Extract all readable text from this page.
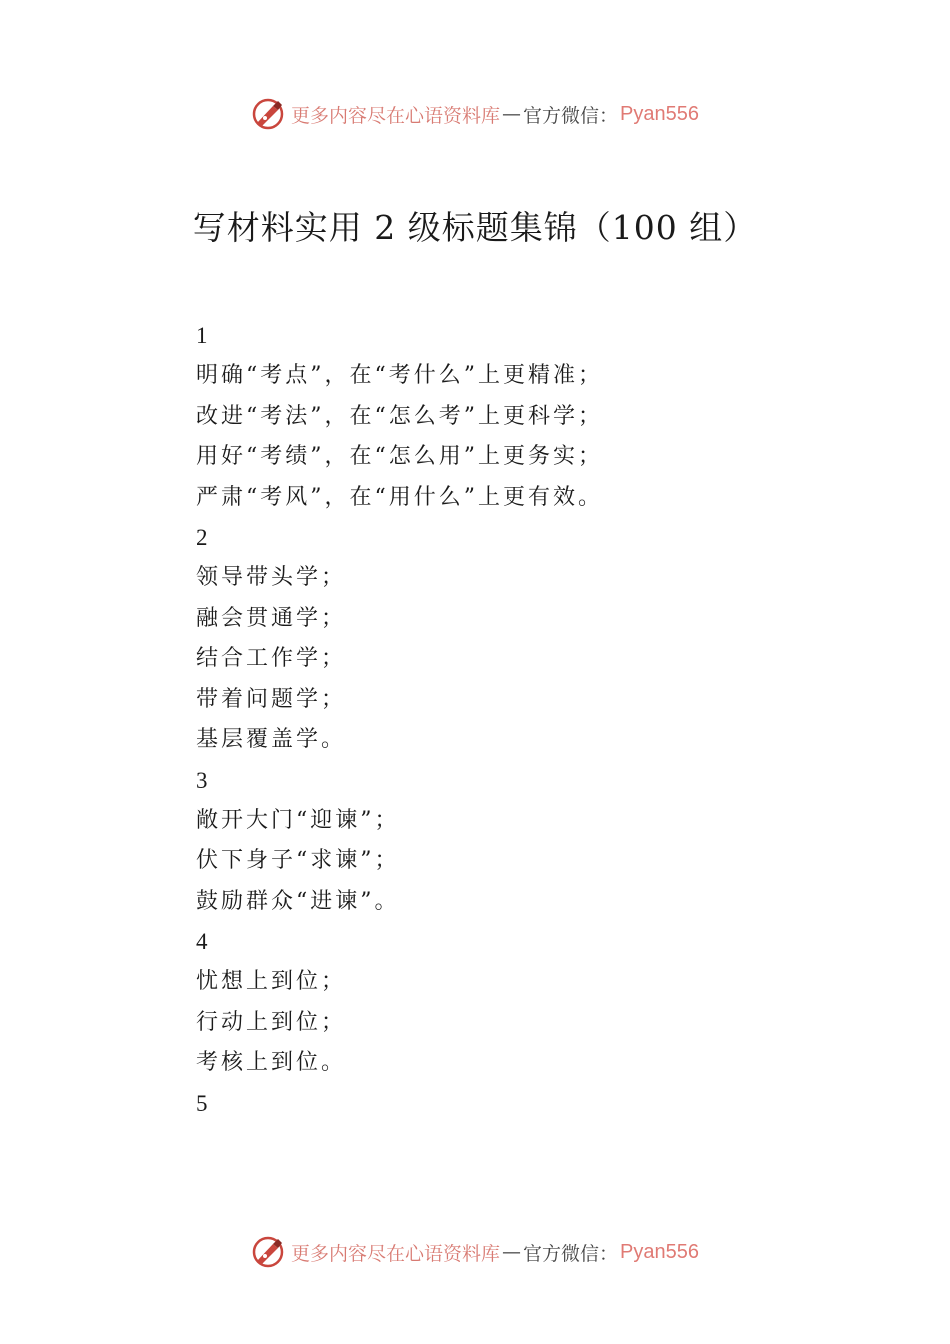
更多内容尽在心语资料库 — 官方微信： Pyan556
写材料实用 2 级标题集锦（100 组）
1
明确“考点”，在“考什么”上更精准；
改进“考法”，在“怎么考”上更科学；
用好“考绩”，在“怎么用”上更务实；
严肃“考风”，在“用什么”上更有效。
2
领导带头学；
融会贯通学；
结合工作学；
带着问题学；
基层覆盖学。
3
敞开大门“迎谏”；
伏下身子“求谏”；
鼓励群众“进谏”。
4
忧想上到位；
行动上到位；
考核上到位。
5
更多内容尽在心语资料库 — 官方微信： Pyan556
